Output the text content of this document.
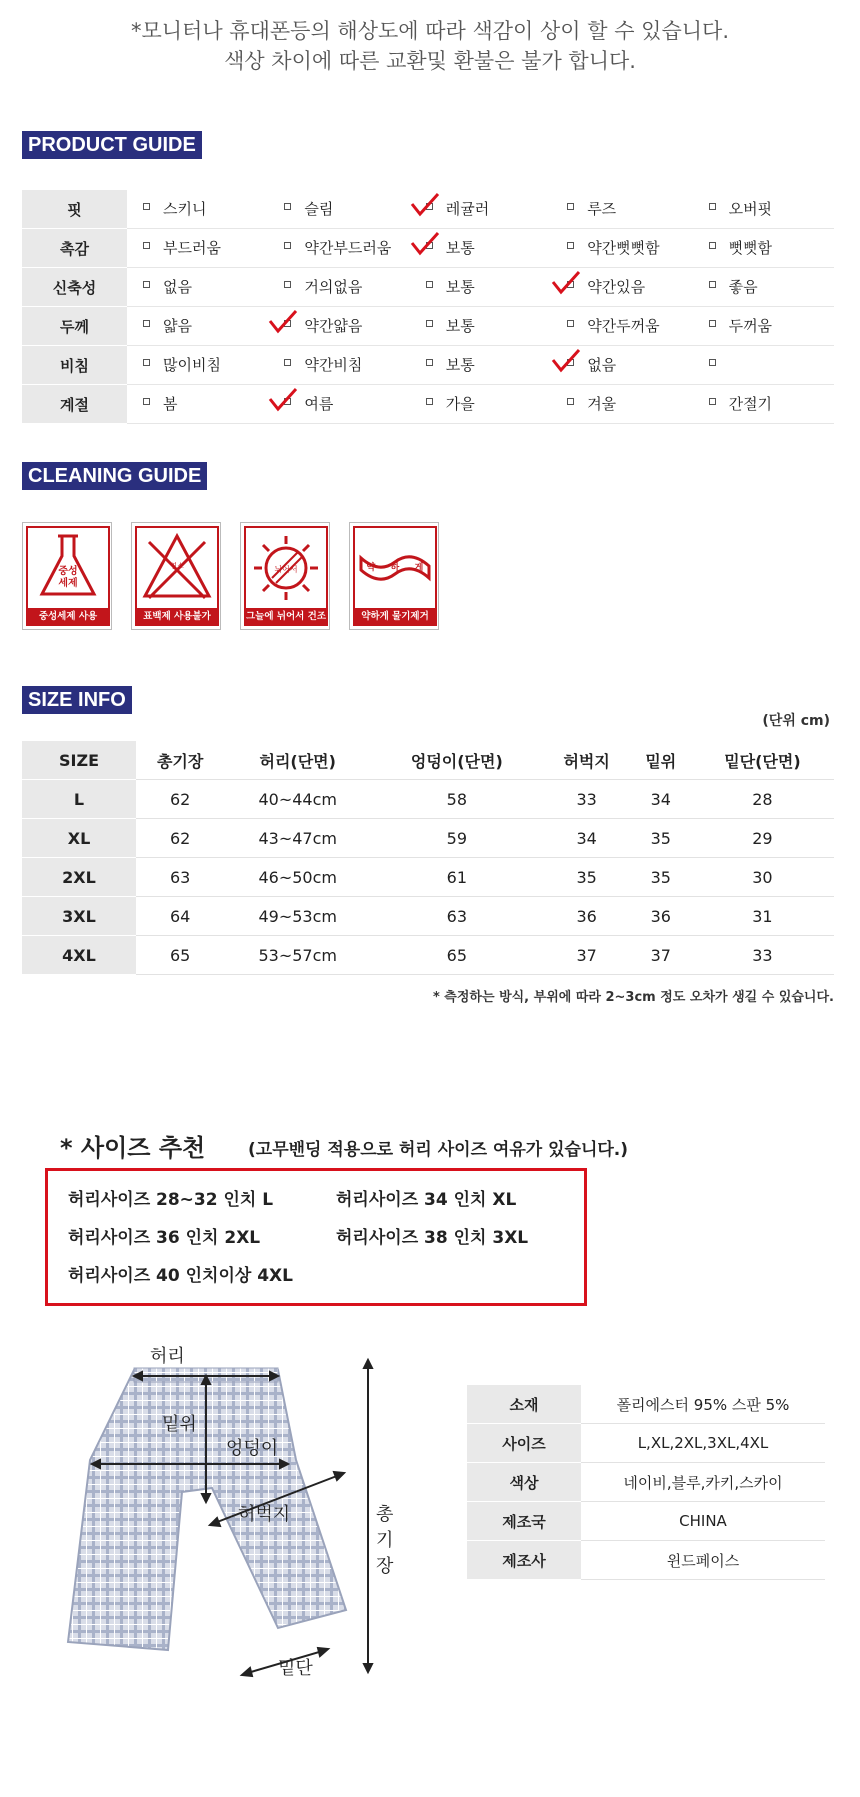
*모니터나 휴대폰등의 해상도에 따라 색감이 상이 할 수 있습니다.
색상 차이에 따른 교환및 환불은 불가 합니다.
PRODUCT GUIDE
핏	스키니	슬림	레귤러	루즈	오버핏

촉감	부드러움	약간부드러움	보통	약간뻣뻣함	뻣뻣함

신축성	없음	거의없음	보통	약간있음	좋음

두께	얇음	약간얇음	보통	약간두꺼움	두꺼움

비침	많이비침	약간비침	보통	없음	

계절	봄	여름	가을	겨울	간절기
CLEANING GUIDE
중성
세제
중성세제 사용
염소
표백제 사용불가
뉘어서
그늘에 뉘어서 건조
약 하 게
약하게 물기제거
SIZE INFO
(단위 cm)
SIZE	총기장	허리(단면)	엉덩이(단면)	허벅지	밑위	밑단(단면)
L	62	40~44cm	58	33	34	28
XL	62	43~47cm	59	34	35	29
2XL	63	46~50cm	61	35	35	30
3XL	64	49~53cm	63	36	36	31
4XL	65	53~57cm	65	37	37	33
* 측정하는 방식, 부위에 따라 2~3cm 정도 오차가 생길 수 있습니다.
* 사이즈 추천	(고무밴딩 적용으로 허리 사이즈 여유가 있습니다.)
허리사이즈 28~32 인치 L	허리사이즈 34 인치 XL
허리사이즈 36 인치 2XL	허리사이즈 38 인치 3XL
허리사이즈 40 인치이상 4XL
허리
밑위
엉덩이
허벅지	총기장
밑단
소재	폴리에스터 95% 스판 5%
사이즈	L,XL,2XL,3XL,4XL
색상	네이비,블루,카키,스카이
제조국	CHINA
제조사	윈드페이스
